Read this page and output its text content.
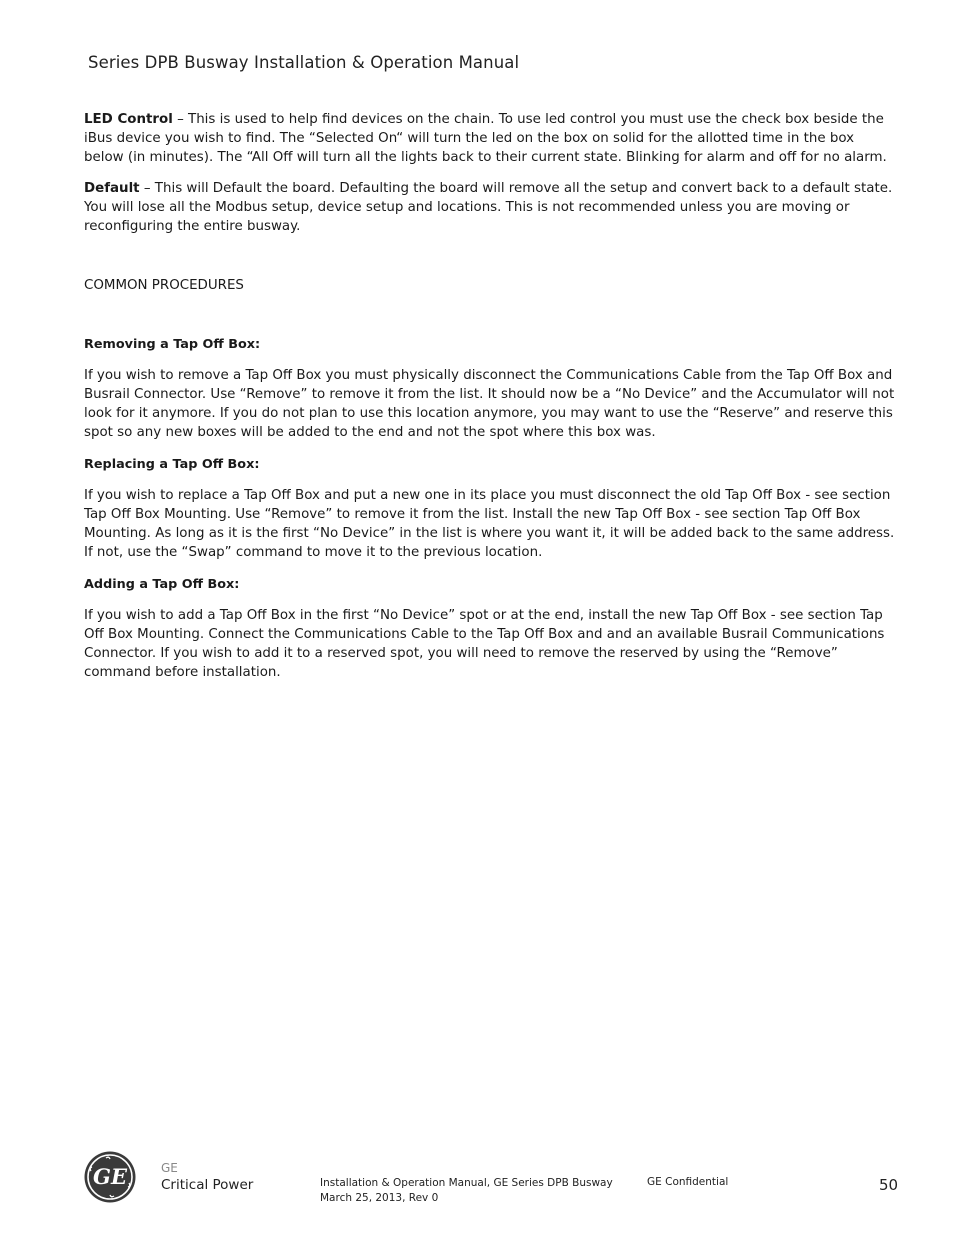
Series DPB Busway Installation & Operation Manual

LED Control – This is used to help find devices on the chain. To use led control you must use the check box beside the iBus device you wish to find. The “Selected On“ will turn the led on the box on solid for the allotted time in the box below (in minutes). The “All Off will turn all the lights back to their current state. Blinking for alarm and off for no alarm.

Default – This will Default the board. Defaulting the board will remove all the setup and convert back to a default state. You will lose all the Modbus setup, device setup and locations. This is not recommended unless you are moving or reconfiguring the entire busway.

COMMON PROCEDURES
Removing a Tap Off Box:

If you wish to remove a Tap Off Box you must physically disconnect the Communications Cable from the Tap Off Box and Busrail Connector. Use “Remove” to remove it from the list. It should now be a “No Device” and the Accumulator will not look for it anymore. If you do not plan to use this location anymore, you may want to use the “Reserve” and reserve this spot so any new boxes will be added to the end and not the spot where this box was.

Replacing a Tap Off Box:

If you wish to replace a Tap Off Box and put a new one in its place you must disconnect the old Tap Off Box - see section Tap Off Box Mounting. Use “Remove” to remove it from the list. Install the new Tap Off Box - see section Tap Off Box Mounting. As long as it is the first “No Device” in the list is where you want it, it will be added back to the same address. If not, use the “Swap” command to move it to the previous location.

Adding a Tap Off Box:

If you wish to add a Tap Off Box in the first “No Device” spot or at the end, install the new Tap Off Box - see section Tap Off Box Mounting. Connect the Communications Cable to the Tap Off Box and and an available Busrail Communications Connector. If you wish to add it to a reserved spot, you will need to remove the reserved by using the “Remove” command before installation.

GE	GE
Critical Power	Installation & Operation Manual, GE Series DPB Busway
March 25, 2013, Rev 0
GE Confidential	50
